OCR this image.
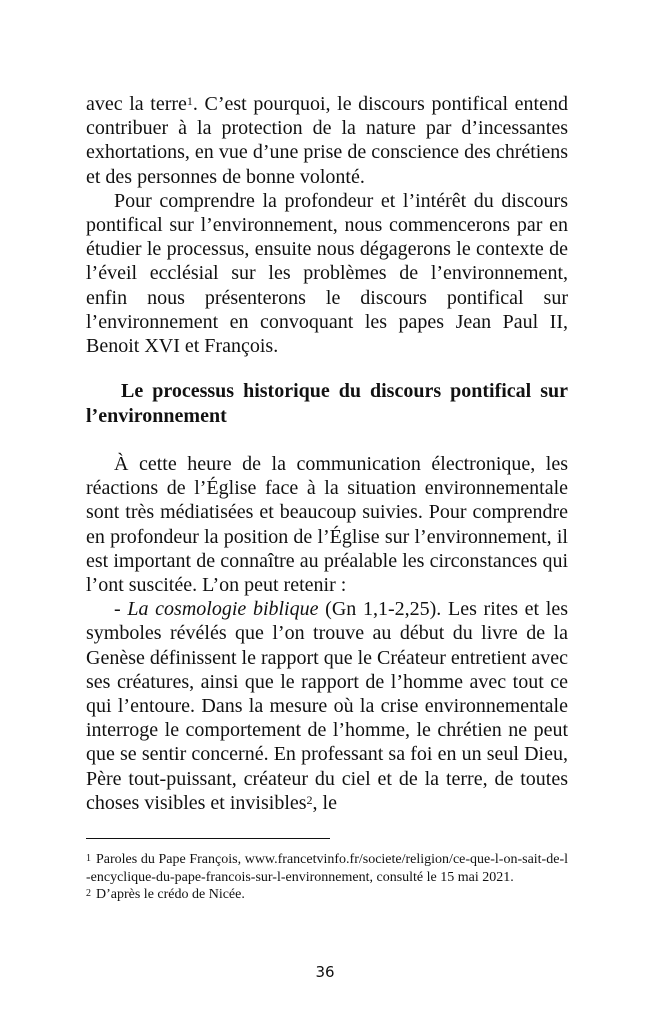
avec la terre$^1$. C’est pourquoi, le discours pontifical entend contribuer à la protection de la nature par d’incessantes exhortations, en vue d’une prise de conscience des chrétiens et des personnes de bonne volonté.

Pour comprendre la profondeur et l’intérêt du discours pontifical sur l’environnement, nous commencerons par en étudier le processus, ensuite nous dégagerons le contexte de l’éveil ecclésial sur les problèmes de l’environnement, enfin nous présenterons le discours pontifical sur l’environnement en convoquant les papes Jean Paul II, Benoit XVI et François.

Le processus historique du discours pontifical sur l’environnement

À cette heure de la communication électronique, les réactions de l’Église face à la situation environnementale sont très médiatisées et beaucoup suivies. Pour comprendre en profondeur la position de l’Église sur l’environnement, il est important de connaître au préalable les circonstances qui l’ont suscitée. L’on peut retenir :

- La cosmologie biblique (Gn 1,1-2,25). Les rites et les symboles révélés que l’on trouve au début du livre de la Genèse définissent le rapport que le Créateur entretient avec ses créatures, ainsi que le rapport de l’homme avec tout ce qui l’entoure. Dans la mesure où la crise environnementale interroge le comportement de l’homme, le chrétien ne peut que se sentir concerné. En professant sa foi en un seul Dieu, Père tout-puissant, créateur du ciel et de la terre, de toutes choses visibles et invisibles$^2$, le

$^1$ Paroles du Pape François, www.francetvinfo.fr/societe/religion/ce-que-l-on-sait-de-l-encyclique-du-pape-francois-sur-l-environnement, consulté le 15 mai 2021.

$^2$ D’après le crédo de Nicée.

36
